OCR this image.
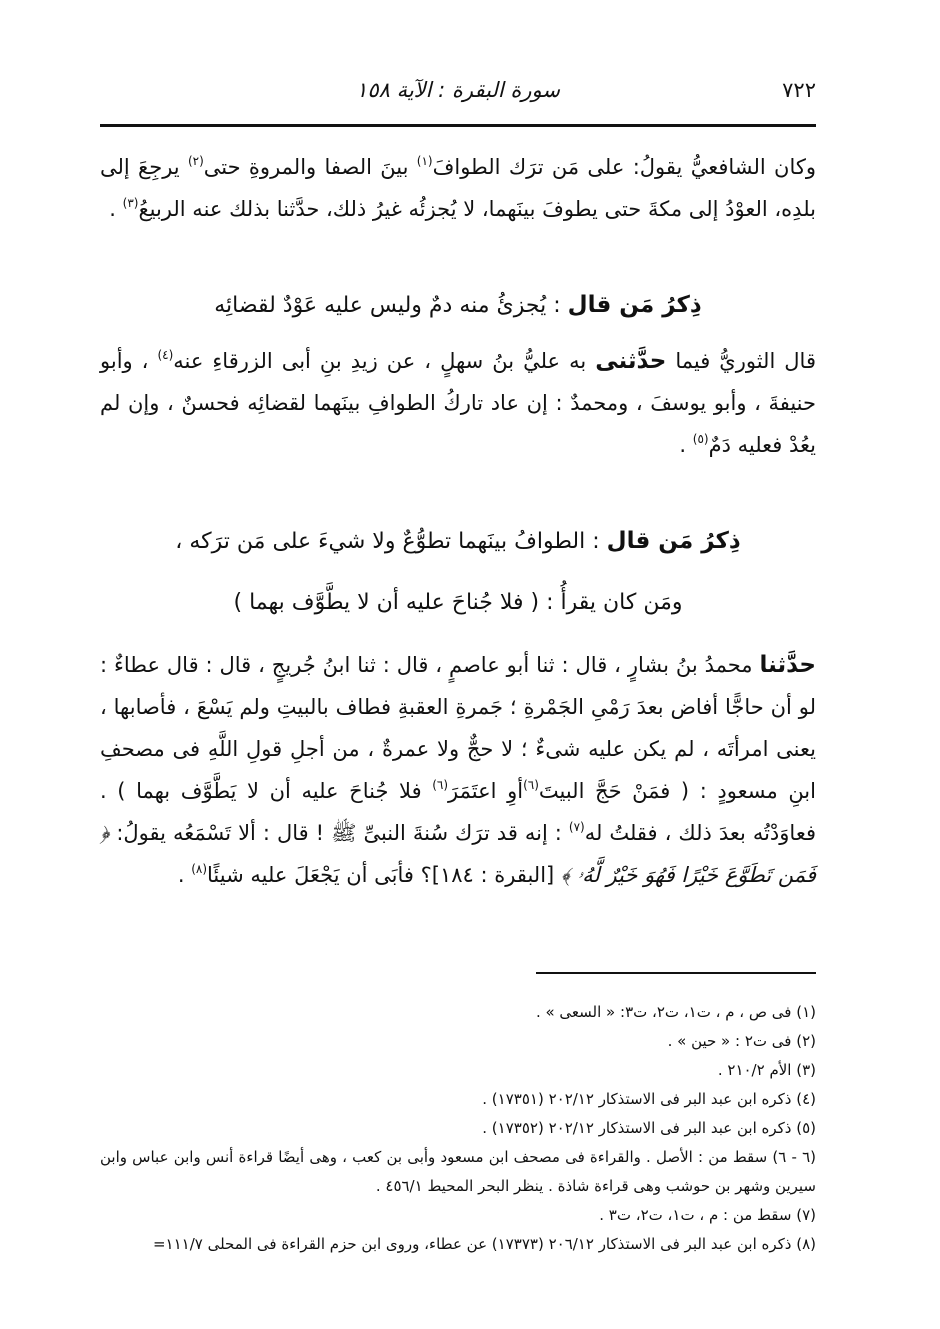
٧٢٢
سورة البقرة : الآية ١٥٨

وكان الشافعيُّ يقولُ: على مَن ترَك الطوافَ$^{(١)}$ بينَ الصفا والمروةِ حتى$^{(٢)}$ يرجِعَ إلى بلدِه، العوْدُ إلى مكةَ حتى يطوفَ بينَهما، لا يُجزئُه غيرُ ذلك، حدَّثنا بذلك عنه الربيعُ$^{(٣)}$ .

ذِكرُ مَن قال : يُجزئُ منه دمٌ وليس عليه عَوْدٌ لقضائِه

قال الثوريُّ فيما حدَّثنى به عليُّ بنُ سهلٍ ، عن زيدِ بنِ أبى الزرقاءِ عنه$^{(٤)}$ ، وأبو حنيفةَ ، وأبو يوسفَ ، ومحمدٌ : إن عاد تاركُ الطوافِ بينَهما لقضائِه فحسنٌ ، وإن لم يعُدْ فعليه دَمٌ$^{(٥)}$ .

ذِكرُ مَن قال : الطوافُ بينَهما تطوُّعٌ ولا شيءَ على مَن ترَكه ،

ومَن كان يقرأُ : ( فلا جُناحَ عليه أن لا يطَّوَّف بهما )

حدَّثنا محمدُ بنُ بشارٍ ، قال : ثنا أبو عاصمٍ ، قال : ثنا ابنُ جُريجٍ ، قال : قال عطاءٌ : لو أن حاجًّا أفاض بعدَ رَمْىِ الجَمْرةِ ؛ جَمرةِ العقبةِ فطاف بالبيتِ ولم يَسْعَ ، فأصابها ، يعنى امرأتَه ، لم يكن عليه شىءٌ ؛ لا حجٌّ ولا عمرةٌ ، من أجلِ قولِ اللَّهِ فى مصحفِ ابنِ مسعودٍ : ( فمَنْ حَجَّ البيتَ$^{(٦)}$أوِ اعتَمَرَ$^{(٦)}$ فلا جُناحَ عليه أن لا يَطَّوَّف بهما ) . فعاوَدْتُه بعدَ ذلك ، فقلتُ له$^{(٧)}$ : إنه قد ترَك سُنةَ النبىِّ ﷺ ! قال : ألا تَسْمَعُه يقولُ: ﴿ فَمَن تَطَوَّعَ خَيْرًا فَهُوَ خَيْرٌ لَّهُۥ ﴾ [البقرة : ١٨٤]؟ فأبَى أن يَجْعَلَ عليه شيئًا$^{(٨)}$ .

(١) فى ص ، م ، ت١، ت٢، ت٣: « السعى » .

(٢) فى ت٢ : « حين » .

(٣) الأم ٢١٠/٢ .

(٤) ذكره ابن عبد البر فى الاستذكار ٢٠٢/١٢ (١٧٣٥١) .

(٥) ذكره ابن عبد البر فى الاستذكار ٢٠٢/١٢ (١٧٣٥٢) .

(٦ - ٦) سقط من : الأصل . والقراءة فى مصحف ابن مسعود وأبى بن كعب ، وهى أيضًا قراءة أنس وابن عباس وابن سيرين وشهر بن حوشب وهى قراءة شاذة . ينظر البحر المحيط ٤٥٦/١ .

(٧) سقط من : م ، ت١، ت٢، ت٣ .

(٨) ذكره ابن عبد البر فى الاستذكار ٢٠٦/١٢ (١٧٣٧٣) عن عطاء، وروى ابن حزم القراءة فى المحلى ١١١/٧=
